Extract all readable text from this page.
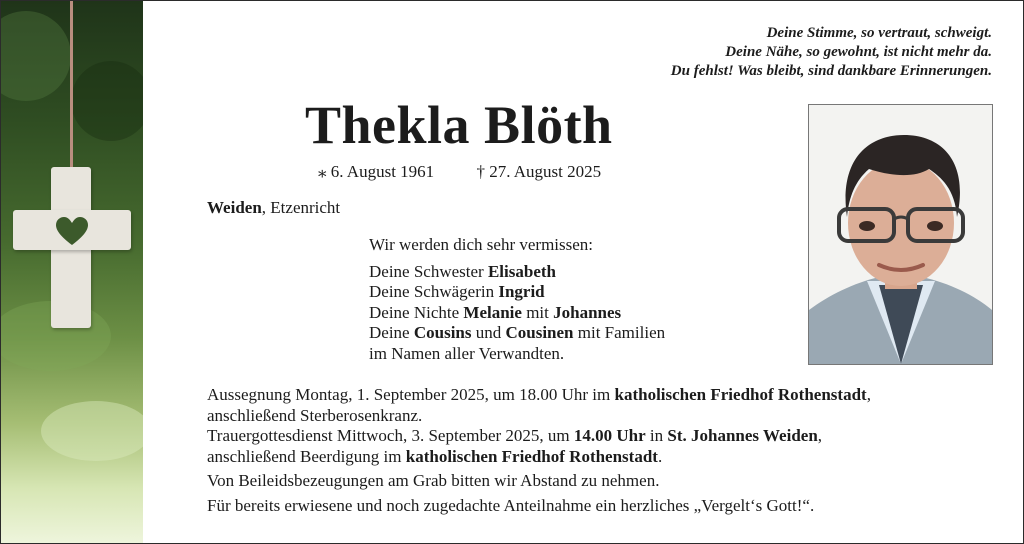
Deine Stimme, so vertraut, schweigt.
Deine Nähe, so gewohnt, ist nicht mehr da.
Du fehlst! Was bleibt, sind dankbare Erinnerungen.
Thekla Blöth
⁎ 6. August 1961 † 27. August 2025
Weiden, Etzenricht
Wir werden dich sehr vermissen:
Deine Schwester Elisabeth
Deine Schwägerin Ingrid
Deine Nichte Melanie mit Johannes
Deine Cousins und Cousinen mit Familien
im Namen aller Verwandten.

Aussegnung Montag, 1. September 2025, um 18.00 Uhr im katholischen Friedhof Rothenstadt,

anschließend Sterberosenkranz.

Trauergottesdienst Mittwoch, 3. September 2025, um 14.00 Uhr in St. Johannes Weiden,

anschließend Beerdigung im katholischen Friedhof Rothenstadt.

Von Beileidsbezeugungen am Grab bitten wir Abstand zu nehmen.

Für bereits erwiesene und noch zugedachte Anteilnahme ein herzliches „Vergelt‘s Gott!“.
